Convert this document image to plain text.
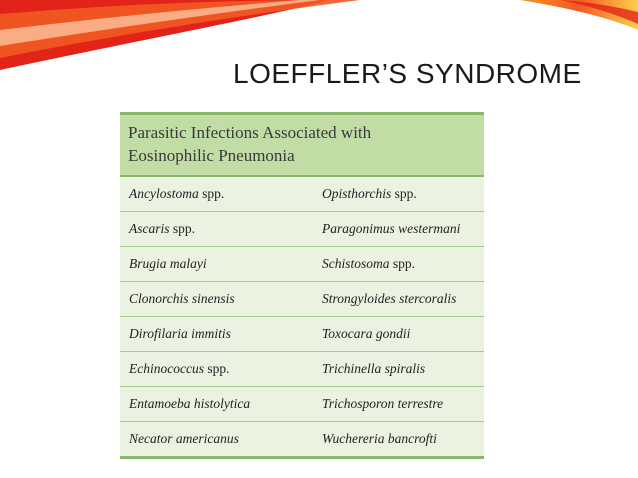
LOEFFLER’S SYNDROME
Parasitic Infections Associated with
Eosinophilic Pneumonia
Ancylostoma spp.	Opisthorchis spp.
Ascaris spp.	Paragonimus westermani
Brugia malayi	Schistosoma spp.
Clonorchis sinensis	Strongyloides stercoralis
Dirofilaria immitis	Toxocara gondii
Echinococcus spp.	Trichinella spiralis
Entamoeba histolytica	Trichosporon terrestre
Necator americanus	Wuchereria bancrofti
